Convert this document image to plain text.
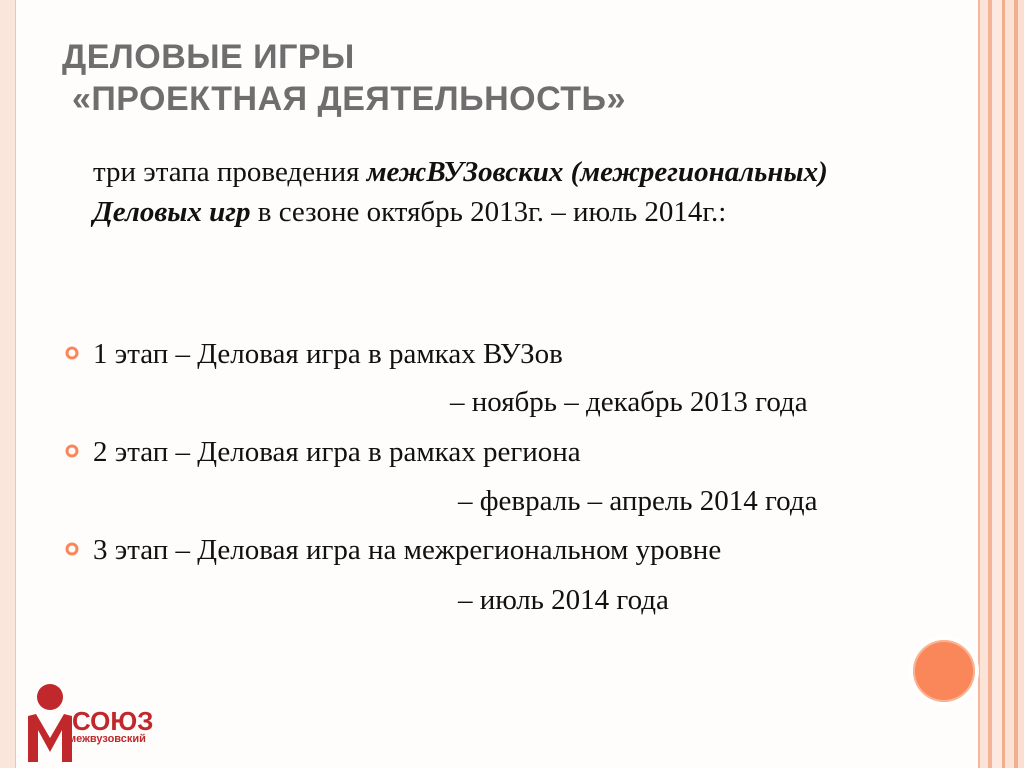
ДЕЛОВЫЕ ИГРЫ
«ПРОЕКТНАЯ ДЕЯТЕЛЬНОСТЬ»

три этапа проведения межВУЗовских (межрегиональных) Деловых игр в сезоне октябрь 2013г. – июль 2014г.:

1 этап – Деловая игра в рамках ВУЗов
– ноябрь – декабрь 2013 года
2 этап – Деловая игра в рамках региона
– февраль – апрель 2014 года
3 этап – Деловая игра на межрегиональном уровне
– июль 2014 года
СОЮЗ
межвузовский
